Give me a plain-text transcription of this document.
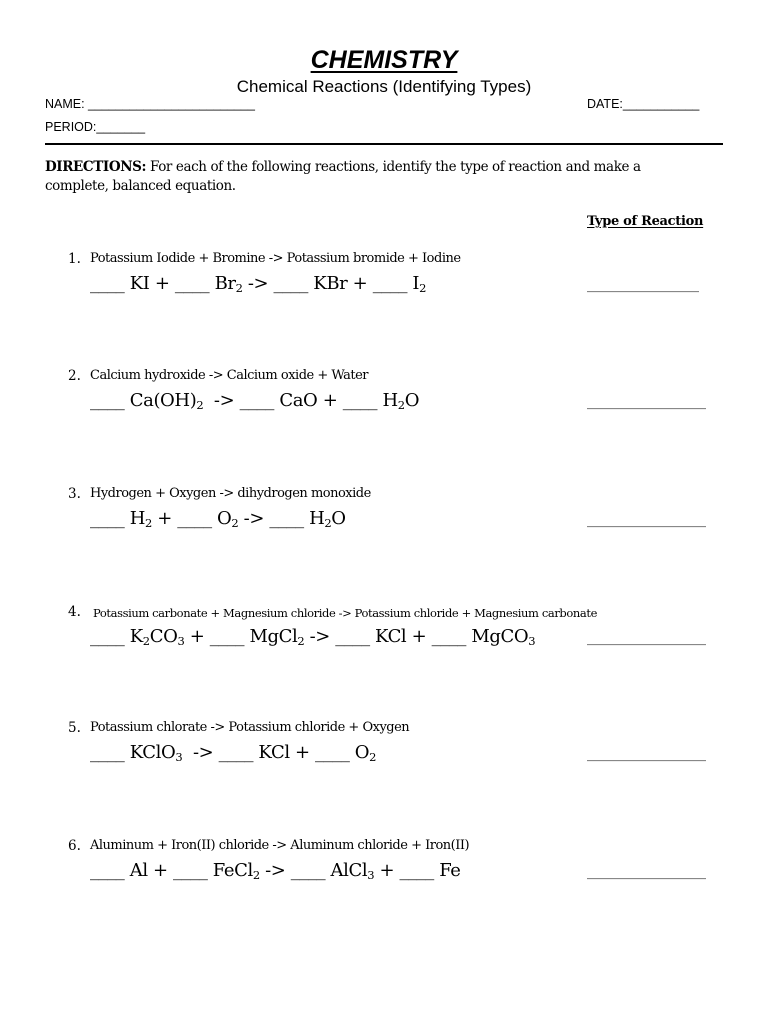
CHEMISTRY
Chemical Reactions (Identifying Types)
NAME: ________________________	DATE:___________
PERIOD:_______
DIRECTIONS: For each of the following reactions, identify the type of reaction and make a complete, balanced equation.
Type of Reaction
1. Potassium Iodide + Bromine -> Potassium bromide + Iodine
____ KI + ____ $Br_2$ -> ____ KBr + ____ $I_2$	________________
2. Calcium hydroxide -> Calcium oxide + Water
____ $Ca(OH)_2$  -> ____ CaO + ____ $H_2O$	_________________
3. Hydrogen + Oxygen -> dihydrogen monoxide
____ $H_2$ + ____ $O_2$ -> ____ $H_2O$	_________________
4. Potassium carbonate + Magnesium chloride -> Potassium chloride + Magnesium carbonate
____ $K_2CO_3$ + ____ MgCl$_2$ -> ____ KCl + ____ MgCO$_3$	_________________
5. Potassium chlorate -> Potassium chloride + Oxygen
____ KClO$_3$  -> ____ KCl + ____ $O_2$	_________________
6. Aluminum + Iron(II) chloride -> Aluminum chloride + Iron(II)
____ Al + ____ FeCl$_2$ -> ____ AlCl$_3$ + ____ Fe	_________________
